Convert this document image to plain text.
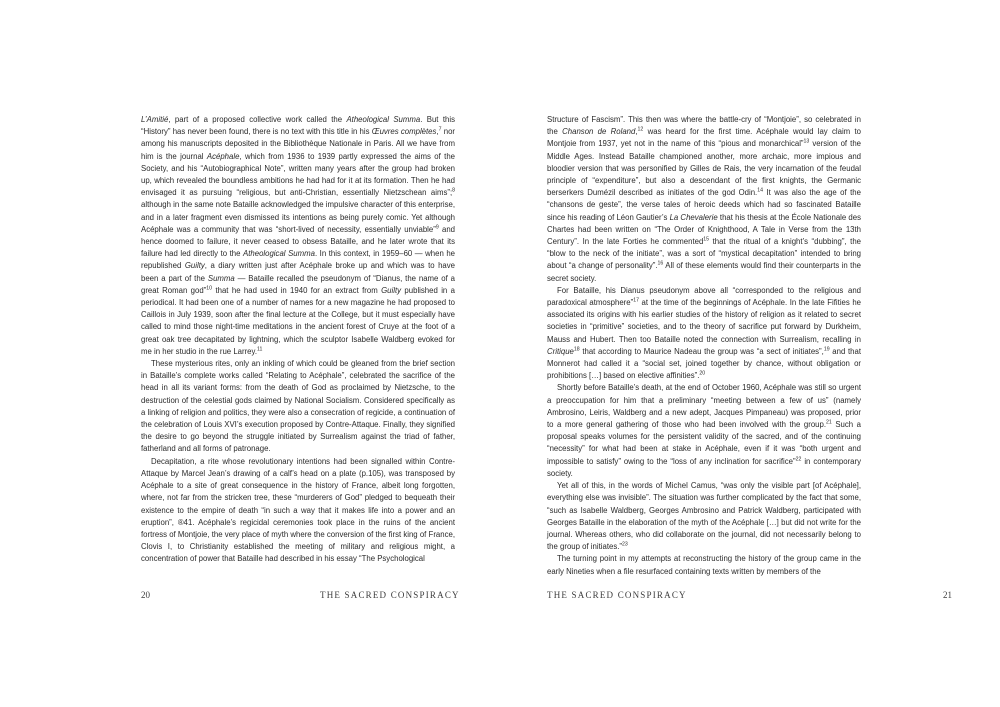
L’Amitié, part of a proposed collective work called the Atheological Summa. But this “History” has never been found, there is no text with this title in his Œuvres complètes,$^7$ nor among his manuscripts deposited in the Bibliothèque Nationale in Paris. All we have from him is the journal Acéphale, which from 1936 to 1939 partly expressed the aims of the Society, and his “Autobiographical Note”, written many years after the group had broken up, which revealed the boundless ambitions he had had for it at its formation. Then he had envisaged it as pursuing “religious, but anti-Christian, essentially Nietzschean aims”;$^8$ although in the same note Bataille acknowledged the impulsive character of this enterprise, and in a later fragment even dismissed its intentions as being purely comic. Yet although Acéphale was a community that was “short-lived of necessity, essentially unviable”$^9$ and hence doomed to failure, it never ceased to obsess Bataille, and he later wrote that its failure had led directly to the Atheological Summa. In this context, in 1959–60 — when he republished Guilty, a diary written just after Acéphale broke up and which was to have been a part of the Summa — Bataille recalled the pseudonym of “Dianus, the name of a great Roman god”$^{10}$ that he had used in 1940 for an extract from Guilty published in a periodical. It had been one of a number of names for a new magazine he had proposed to Caillois in July 1939, soon after the final lecture at the College, but it must especially have called to mind those night-time meditations in the ancient forest of Cruye at the foot of a great oak tree decapitated by lightning, which the sculptor Isabelle Waldberg evoked for me in her studio in the rue Larrey.$^{11}$

These mysterious rites, only an inkling of which could be gleaned from the brief section in Bataille’s complete works called “Relating to Acéphale”, celebrated the sacrifice of the head in all its variant forms: from the death of God as proclaimed by Nietzsche, to the destruction of the celestial gods claimed by National Socialism. Considered specifically as a linking of religion and politics, they were also a consecration of regicide, a continuation of the celebration of Louis XVI’s execution proposed by Contre-Attaque. Finally, they signified the desire to go beyond the struggle initiated by Surrealism against the triad of father, fatherland and all forms of patronage.

Decapitation, a rite whose revolutionary intentions had been signalled within Contre-Attaque by Marcel Jean’s drawing of a calf’s head on a plate (p.105), was transposed by Acéphale to a site of great consequence in the history of France, albeit long forgotten, where, not far from the stricken tree, these “murderers of God” pledged to bequeath their existence to the empire of death “in such a way that it makes life into a power and an eruption”, ®41. Acéphale’s regicidal ceremonies took place in the ruins of the ancient fortress of Montjoie, the very place of myth where the conversion of the first king of France, Clovis I, to Christianity established the meeting of military and religious might, a concentration of power that Bataille had described in his essay “The Psychological

20	THE SACRED CONSPIRACY

Structure of Fascism”. This then was where the battle-cry of “Montjoie”, so celebrated in the Chanson de Roland,$^{12}$ was heard for the first time. Acéphale would lay claim to Montjoie from 1937, yet not in the name of this “pious and monarchical”$^{13}$ version of the Middle Ages. Instead Bataille championed another, more archaic, more impious and bloodier version that was personified by Gilles de Rais, the very incarnation of the feudal principle of “expenditure”, but also a descendant of the first knights, the Germanic berserkers Dumézil described as initiates of the god Odin.$^{14}$ It was also the age of the “chansons de geste”, the verse tales of heroic deeds which had so fascinated Bataille since his reading of Léon Gautier’s La Chevalerie that his thesis at the École Nationale des Chartes had been written on “The Order of Knighthood, A Tale in Verse from the 13th Century”. In the late Forties he commented$^{15}$ that the ritual of a knight’s “dubbing”, the “blow to the neck of the initiate”, was a sort of “mystical decapitation” intended to bring about “a change of personality”.$^{16}$ All of these elements would find their counterparts in the secret society.

For Bataille, his Dianus pseudonym above all “corresponded to the religious and paradoxical atmosphere”$^{17}$ at the time of the beginnings of Acéphale. In the late Fifities he associated its origins with his earlier studies of the history of religion as it related to secret societies in “primitive” societies, and to the theory of sacrifice put forward by Durkheim, Mauss and Hubert. Then too Bataille noted the connection with Surrealism, recalling in Critique$^{18}$ that according to Maurice Nadeau the group was “a sect of initiates”,$^{19}$ and that Monnerot had called it a “social set, joined together by chance, without obligation or prohibitions […] based on elective affinities”.$^{20}$

Shortly before Bataille’s death, at the end of October 1960, Acéphale was still so urgent a preoccupation for him that a preliminary “meeting between a few of us” (namely Ambrosino, Leiris, Waldberg and a new adept, Jacques Pimpaneau) was proposed, prior to a more general gathering of those who had been involved with the group.$^{21}$ Such a proposal speaks volumes for the persistent validity of the sacred, and of the continuing “necessity” for what had been at stake in Acéphale, even if it was “both urgent and impossible to satisfy” owing to the “loss of any inclination for sacrifice”$^{22}$ in contemporary society.

Yet all of this, in the words of Michel Camus, “was only the visible part [of Acéphale], everything else was invisible”. The situation was further complicated by the fact that some, “such as Isabelle Waldberg, Georges Ambrosino and Patrick Waldberg, participated with Georges Bataille in the elaboration of the myth of the Acéphale […] but did not write for the journal. Whereas others, who did collaborate on the journal, did not necessarily belong to the group of initiates.”$^{23}$

The turning point in my attempts at reconstructing the history of the group came in the early Nineties when a file resurfaced containing texts written by members of the

THE SACRED CONSPIRACY	21
